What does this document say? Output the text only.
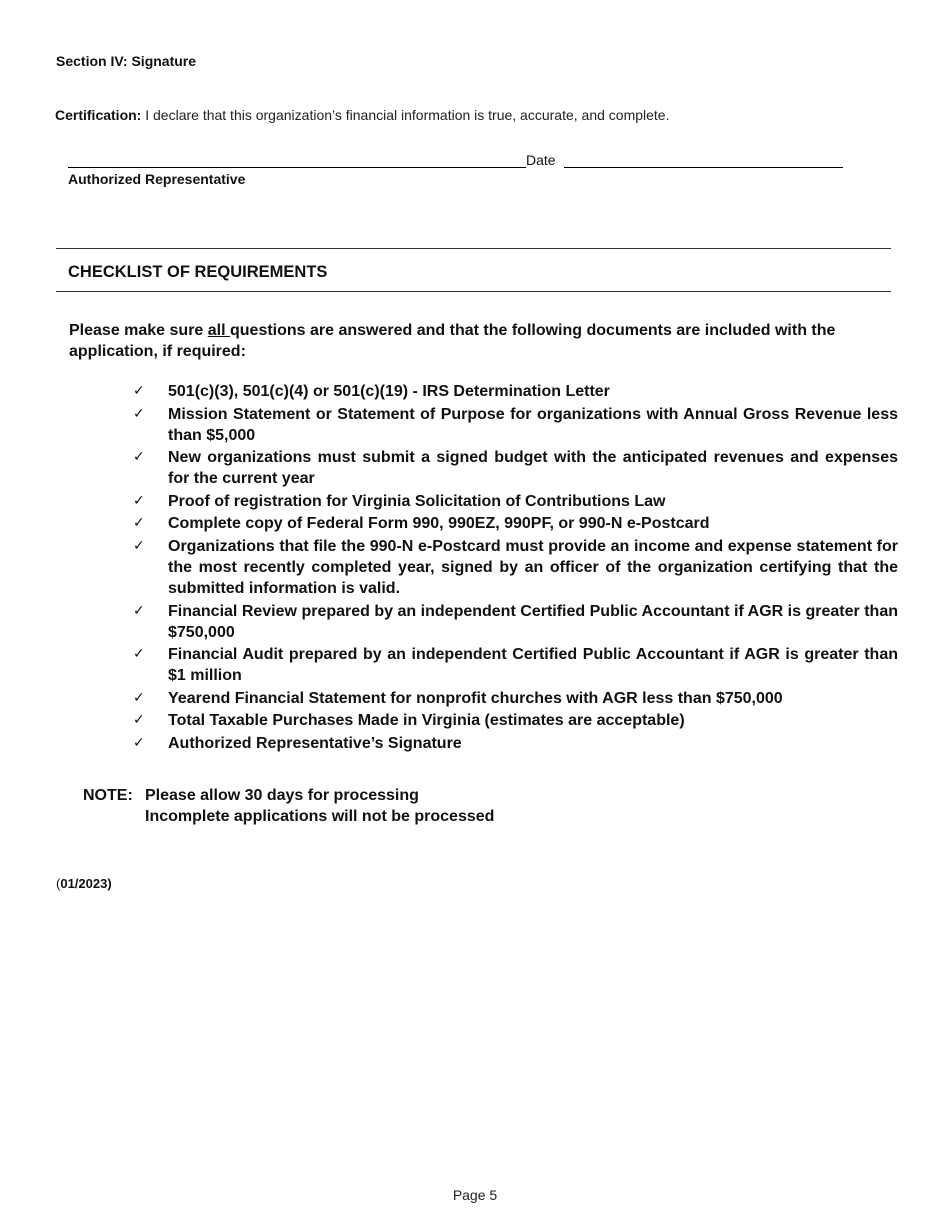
Section IV: Signature
Certification: I declare that this organization’s financial information is true, accurate, and complete.
Date
Authorized Representative
CHECKLIST OF REQUIREMENTS
Please make sure all questions are answered and that the following documents are included with the application, if required:
✓	501(c)(3), 501(c)(4) or 501(c)(19) - IRS Determination Letter
✓	Mission Statement or Statement of Purpose for organizations with Annual Gross Revenue less than $5,000
✓	New organizations must submit a signed budget with the anticipated revenues and expenses for the current year
✓	Proof of registration for Virginia Solicitation of Contributions Law
✓	Complete copy of Federal Form 990, 990EZ, 990PF, or 990-N e-Postcard
✓	Organizations that file the 990-N e-Postcard must provide an income and expense statement for the most recently completed year, signed by an officer of the organization certifying that the submitted information is valid.
✓	Financial Review prepared by an independent Certified Public Accountant if AGR is greater than $750,000
✓	Financial Audit prepared by an independent Certified Public Accountant if AGR is greater than $1 million
✓	Yearend Financial Statement for nonprofit churches with AGR less than $750,000
✓	Total Taxable Purchases Made in Virginia (estimates are acceptable)
✓	Authorized Representative’s Signature
NOTE: Please allow 30 days for processing
Incomplete applications will not be processed
(01/2023)
Page 5
